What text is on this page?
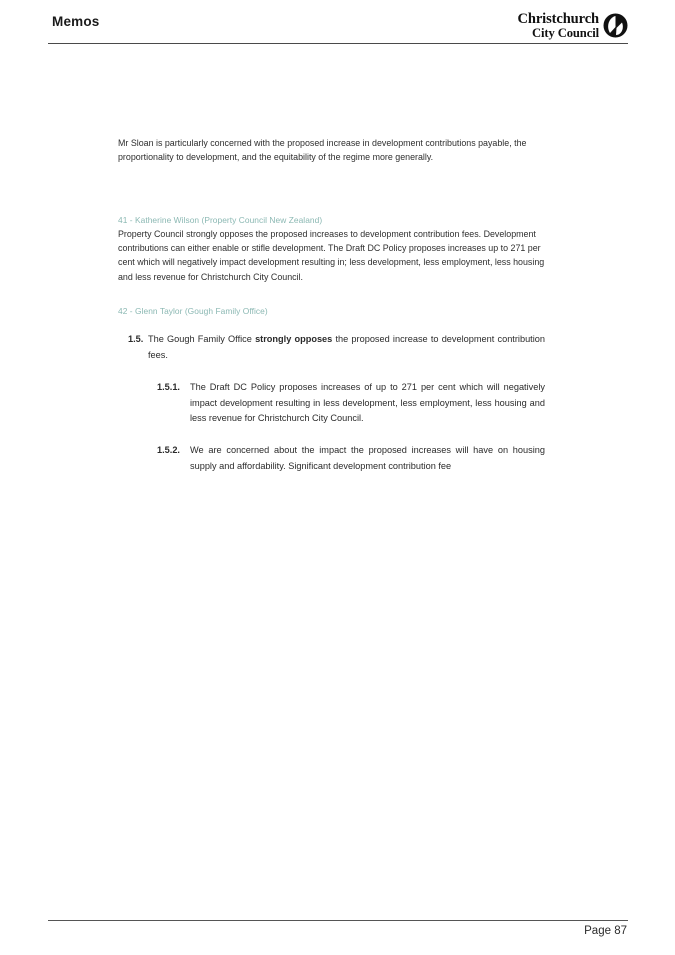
Memos	Christchurch
City Council
Mr Sloan is particularly concerned with the proposed increase in development contributions payable, the proportionality to development, and the equitability of the regime more generally.
41 - Katherine Wilson (Property Council New Zealand)
Property Council strongly opposes the proposed increases to development contribution fees. Development contributions can either enable or stifle development. The Draft DC Policy proposes increases up to 271 per cent which will negatively impact development resulting in; less development, less employment, less housing and less revenue for Christchurch City Council.
42 - Glenn Taylor (Gough Family Office)
1.5. The Gough Family Office strongly opposes the proposed increase to development contribution fees.
1.5.1.	The Draft DC Policy proposes increases of up to 271 per cent which will negatively impact development resulting in less development, less employment, less housing and less revenue for Christchurch City Council.
1.5.2.	We are concerned about the impact the proposed increases will have on housing supply and affordability. Significant development contribution fee
Page 87
